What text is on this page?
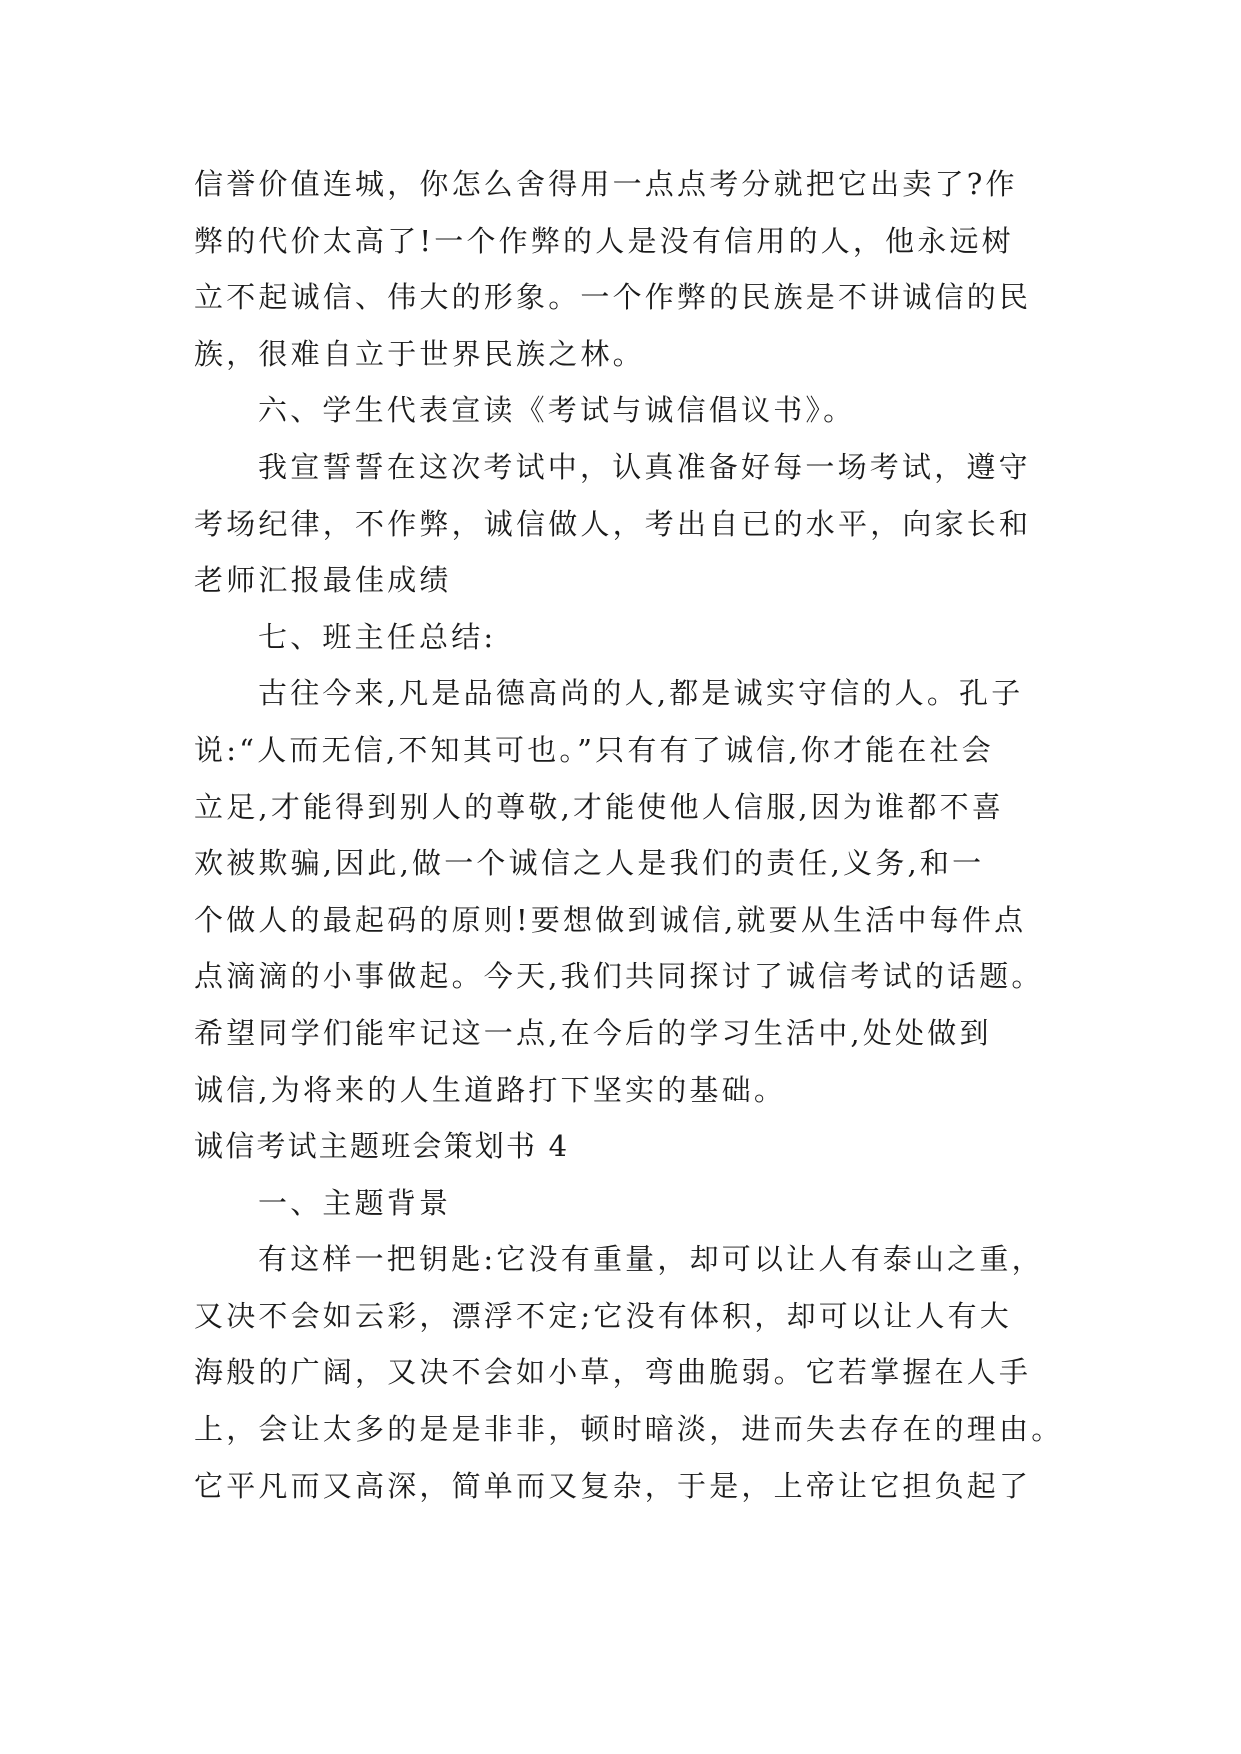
信誉价值连城，你怎么舍得用一点点考分就把它出卖了?作
弊的代价太高了!一个作弊的人是没有信用的人，他永远树
立不起诚信、伟大的形象。一个作弊的民族是不讲诚信的民
族，很难自立于世界民族之林。

六、学生代表宣读《考试与诚信倡议书》。

我宣誓誓在这次考试中，认真准备好每一场考试，遵守
考场纪律，不作弊，诚信做人，考出自已的水平，向家长和
老师汇报最佳成绩

七、班主任总结:

古往今来,凡是品德高尚的人,都是诚实守信的人。孔子
说:“人而无信,不知其可也。”只有有了诚信,你才能在社会
立足,才能得到别人的尊敬,才能使他人信服,因为谁都不喜
欢被欺骗,因此,做一个诚信之人是我们的责任,义务,和一
个做人的最起码的原则!要想做到诚信,就要从生活中每件点
点滴滴的小事做起。今天,我们共同探讨了诚信考试的话题。
希望同学们能牢记这一点,在今后的学习生活中,处处做到
诚信,为将来的人生道路打下坚实的基础。

诚信考试主题班会策划书 4

一、主题背景

有这样一把钥匙:它没有重量，却可以让人有泰山之重，
又决不会如云彩，漂浮不定;它没有体积，却可以让人有大
海般的广阔，又决不会如小草，弯曲脆弱。它若掌握在人手
上，会让太多的是是非非，顿时暗淡，进而失去存在的理由。
它平凡而又高深，简单而又复杂，于是，上帝让它担负起了
